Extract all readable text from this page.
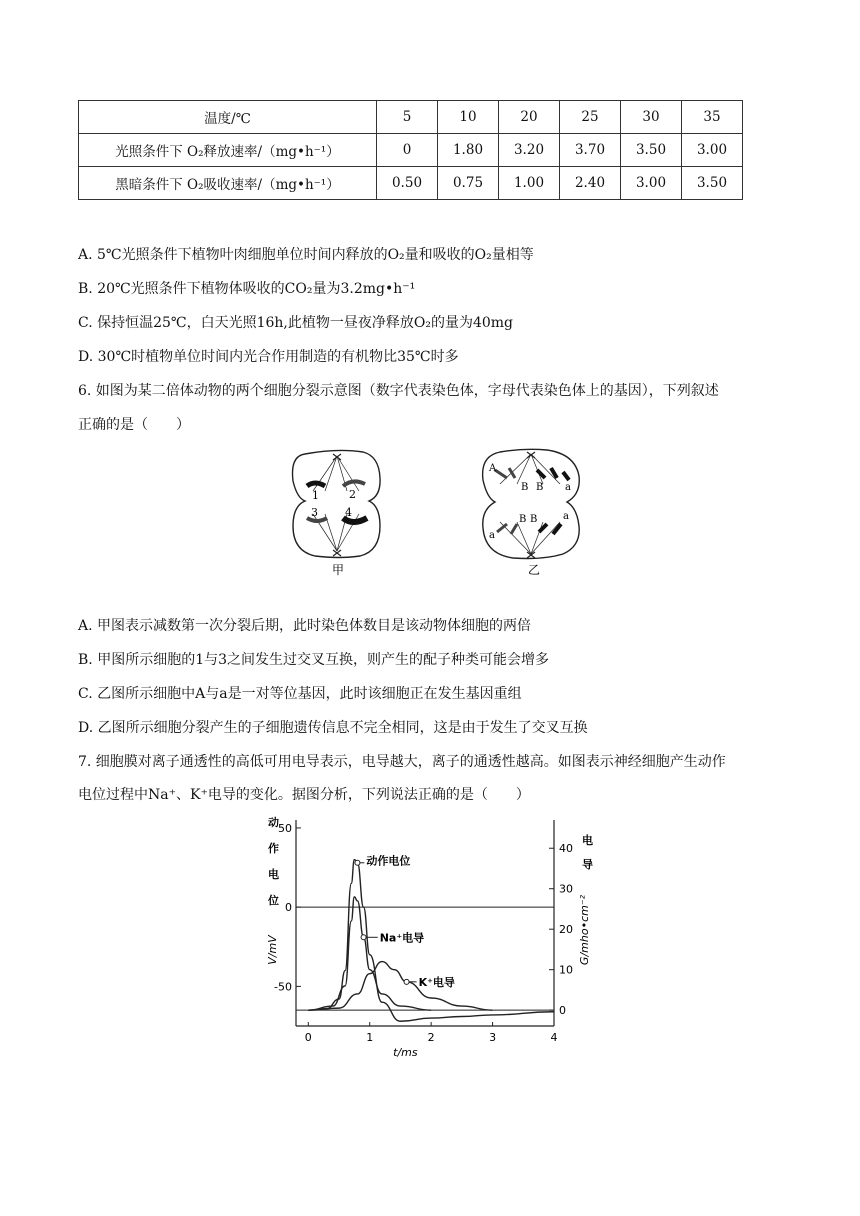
温度/℃	5	10	20	25	30	35
光照条件下 O₂释放速率/（mg•h⁻¹）	0	1.80	3.20	3.70	3.50	3.00
黑暗条件下 O₂吸收速率/（mg•h⁻¹）	0.50	0.75	1.00	2.40	3.00	3.50
A. 5℃光照条件下植物叶肉细胞单位时间内释放的O₂量和吸收的O₂量相等
B. 20℃光照条件下植物体吸收的CO₂量为3.2mg•h⁻¹
C. 保持恒温25℃，白天光照16h,此植物一昼夜净释放O₂的量为40mg
D. 30℃时植物单位时间内光合作用制造的有机物比35℃时多
6. 如图为某二倍体动物的两个细胞分裂示意图（数字代表染色体，字母代表染色体上的基因），下列叙述
正确的是（　　）
1	2
3 4
甲
A
B B a
B B
a
a
乙
A. 甲图表示减数第一次分裂后期，此时染色体数目是该动物体细胞的两倍
B. 甲图所示细胞的1与3之间发生过交叉互换，则产生的配子种类可能会增多
C. 乙图所示细胞中A与a是一对等位基因，此时该细胞正在发生基因重组
D. 乙图所示细胞分裂产生的子细胞遗传信息不完全相同，这是由于发生了交叉互换
7. 细胞膜对离子通透性的高低可用电导表示，电导越大，离子的通透性越高。如图表示神经细胞产生动作
电位过程中Na⁺、K⁺电导的变化。据图分析，下列说法正确的是（　　）
50
0
-50
40
30
20
10
0
0	1	2	3	4
t/ms
动
作
电
位
V/mV
电
导
G/mho•cm⁻²
动作电位
Na⁺电导
K⁺电导
